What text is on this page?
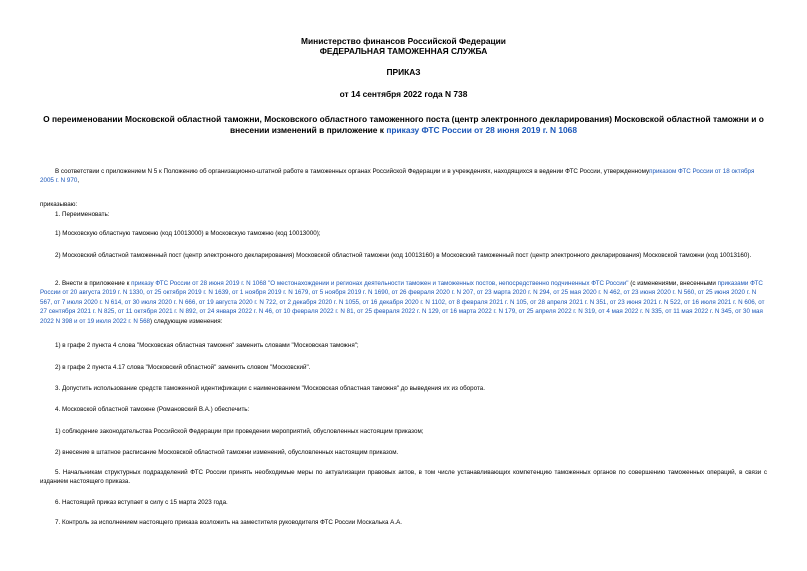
Министерство финансов Российской Федерации
ФЕДЕРАЛЬНАЯ ТАМОЖЕННАЯ СЛУЖБА
ПРИКАЗ
от 14 сентября 2022 года N 738
О переименовании Московской областной таможни, Московского областного таможенного поста (центр электронного декларирования) Московской областной таможни и о внесении изменений в приложение к приказу ФТС России от 28 июня 2019 г. N 1068
В соответствии с приложением N 5 к Положению об организационно-штатной работе в таможенных органах Российской Федерации и в учреждениях, находящихся в ведении ФТС России, утвержденномуприказом ФТС России от 18 октября 2005 г. N 970,
приказываю:
1. Переименовать:
1) Московскую областную таможню (код 10013000) в Московскую таможню (код 10013000);
2) Московский областной таможенный пост (центр электронного декларирования) Московской областной таможни (код 10013160) в Московский таможенный пост (центр электронного декларирования) Московской таможни (код 10013160).
2. Внести в приложение к приказу ФТС России от 28 июня 2019 г. N 1068 "О местонахождении и регионах деятельности таможен и таможенных постов, непосредственно подчиненных ФТС России" (с изменениями, внесенными приказами ФТС России от 20 августа 2019 г. N 1330, от 25 октября 2019 г. N 1639, от 1 ноября 2019 г. N 1679, от 5 ноября 2019 г. N 1690, от 26 февраля 2020 г. N 207, от 23 марта 2020 г. N 294, от 25 мая 2020 г. N 462, от 23 июня 2020 г. N 560, от 25 июня 2020 г. N 567, от 7 июля 2020 г. N 614, от 30 июля 2020 г. N 666, от 19 августа 2020 г. N 722, от 2 декабря 2020 г. N 1055, от 16 декабря 2020 г. N 1102, от 8 февраля 2021 г. N 105, от 28 апреля 2021 г. N 351, от 23 июня 2021 г. N 522, от 16 июля 2021 г. N 606, от 27 сентября 2021 г. N 825, от 11 октября 2021 г. N 892, от 24 января 2022 г. N 46, от 10 февраля 2022 г. N 81, от 25 февраля 2022 г. N 129, от 16 марта 2022 г. N 179, от 25 апреля 2022 г. N 319, от 4 мая 2022 г. N 335, от 11 мая 2022 г. N 345, от 30 мая 2022 N 398 и от 19 июля 2022 г. N 568) следующие изменения:
1) в графе 2 пункта 4 слова "Московская областная таможня" заменить словами "Московская таможня";
2) в графе 2 пункта 4.17 слова "Московский областной" заменить словом "Московский".
3. Допустить использование средств таможенной идентификации с наименованием "Московская областная таможня" до выведения их из оборота.
4. Московской областной таможне (Романовский В.А.) обеспечить:
1) соблюдение законодательства Российской Федерации при проведении мероприятий, обусловленных настоящим приказом;
2) внесение в штатное расписание Московской областной таможни изменений, обусловленных настоящим приказом.
5. Начальникам структурных подразделений ФТС России принять необходимые меры по актуализации правовых актов, в том числе устанавливающих компетенцию таможенных органов по совершению таможенных операций, в связи с изданием настоящего приказа.
6. Настоящий приказ вступает в силу с 15 марта 2023 года.
7. Контроль за исполнением настоящего приказа возложить на заместителя руководителя ФТС России Москалька А.А.
